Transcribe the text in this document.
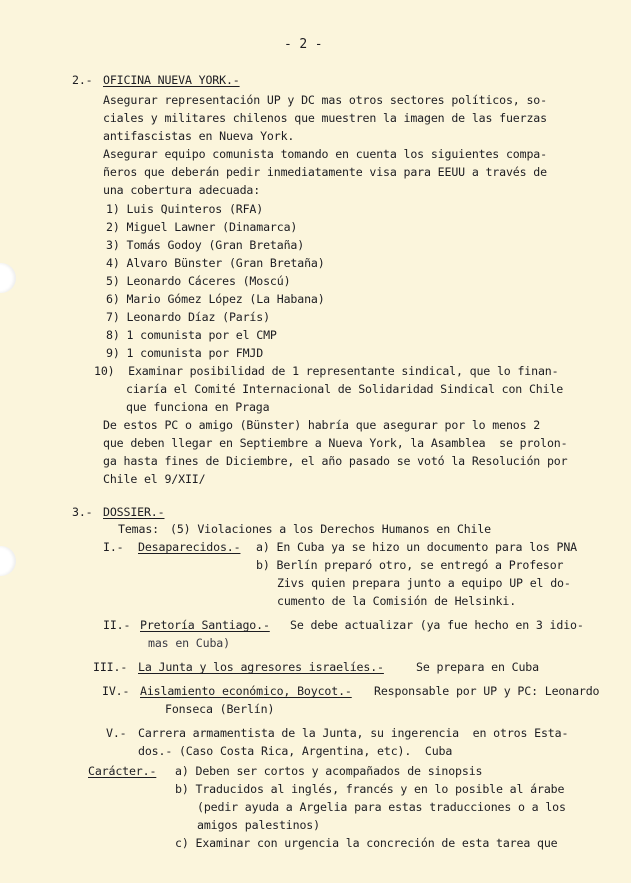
- 2 -
2.- OFICINA NUEVA YORK.-
Asegurar representación UP y DC mas otros sectores políticos, so-
ciales y militares chilenos que muestren la imagen de las fuerzas
antifascistas en Nueva York.
Asegurar equipo comunista tomando en cuenta los siguientes compa-
ñeros que deberán pedir inmediatamente visa para EEUU a través de
una cobertura adecuada:
1) Luis Quinteros (RFA)
2) Miguel Lawner (Dinamarca)
3) Tomás Godoy (Gran Bretaña)
4) Alvaro Bünster (Gran Bretaña)
5) Leonardo Cáceres (Moscú)
6) Mario Gómez López (La Habana)
7) Leonardo Díaz (París)
8) 1 comunista por el CMP
9) 1 comunista por FMJD
10)  Examinar posibilidad de 1 representante sindical, que lo finan-
ciaría el Comité Internacional de Solidaridad Sindical con Chile
que funciona en Praga
De estos PC o amigo (Bünster) habría que asegurar por lo menos 2
que deben llegar en Septiembre a Nueva York, la Asamblea  se prolon-
ga hasta fines de Diciembre, el año pasado se votó la Resolución por
Chile el 9/XII/
3.- DOSSIER.-
Temas: (5) Violaciones a los Derechos Humanos en Chile
I.- Desaparecidos.- a) En Cuba ya se hizo un documento para los PNA
b) Berlín preparó otro, se entregó a Profesor
Zivs quien prepara junto a equipo UP el do-
cumento de la Comisión de Helsinki.
II.- Pretoría Santiago.- Se debe actualizar (ya fue hecho en 3 idio-
mas en Cuba)
III.- La Junta y los agresores israelíes.-	Se prepara en Cuba
IV.- Aislamiento económico, Boycot.- Responsable por UP y PC: Leonardo
Fonseca (Berlín)
V.- Carrera armamentista de la Junta, su ingerencia  en otros Esta-
dos.- (Caso Costa Rica, Argentina, etc).  Cuba
Carácter.- a) Deben ser cortos y acompañados de sinopsis
b) Traducidos al inglés, francés y en lo posible al árabe
(pedir ayuda a Argelia para estas traducciones o a los
amigos palestinos)
c) Examinar con urgencia la concreción de esta tarea que
